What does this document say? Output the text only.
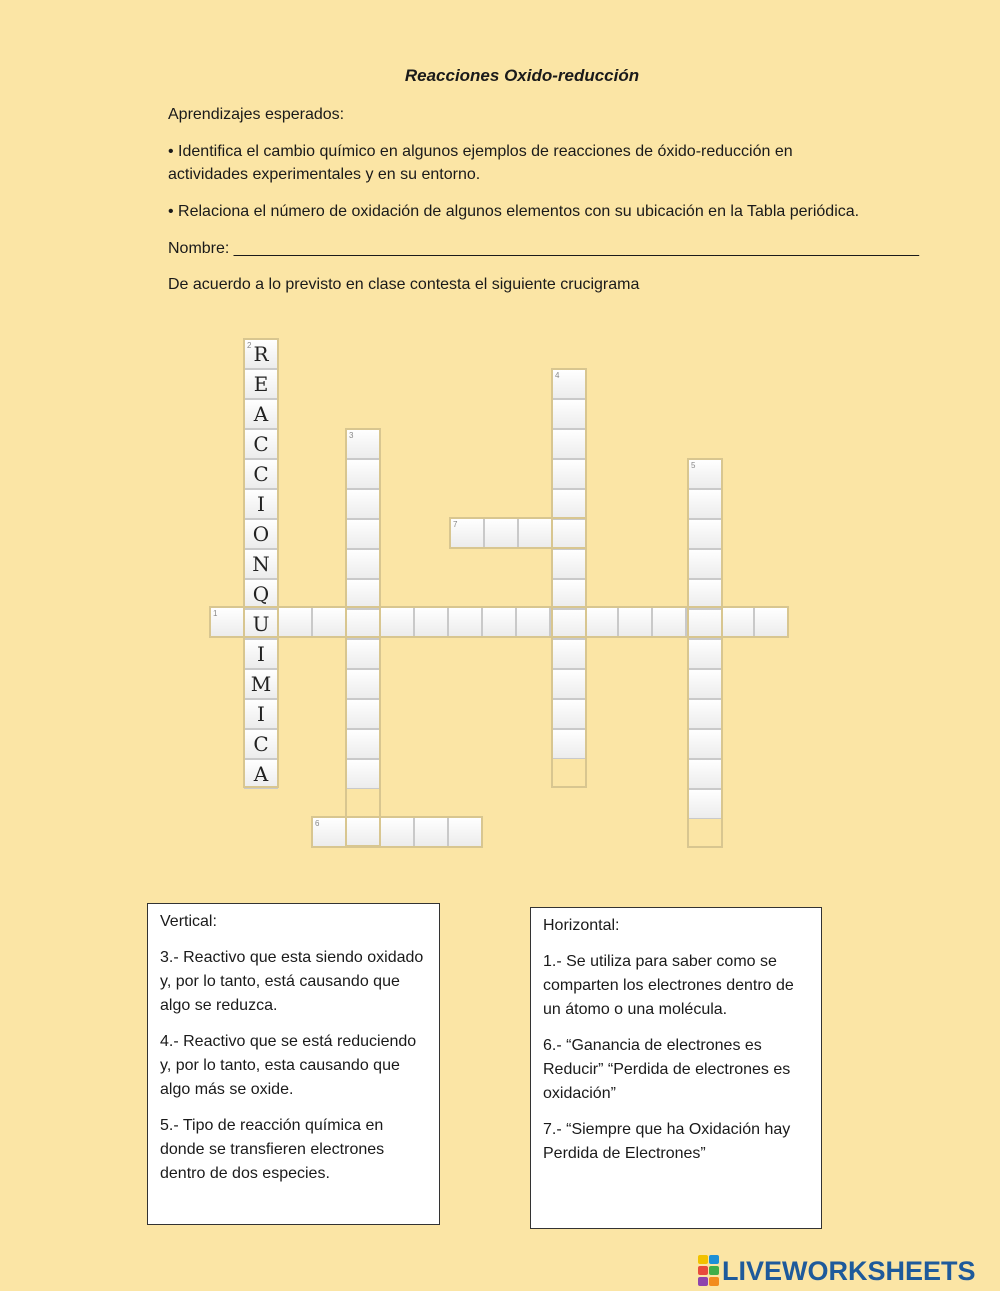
Reacciones Oxido-reducción
Aprendizajes esperados:
• Identifica el cambio químico en algunos ejemplos de reacciones de óxido-reducción en
actividades experimentales y en su entorno.
• Relaciona el número de oxidación de algunos elementos con su ubicación en la Tabla periódica.
Nombre: _____________________________________________________________________________
De acuerdo a lo previsto en clase contesta el siguiente crucigrama
R
E
A
C
C
I
O
N
Q
U
I
M
I
C
A
2
1
3
6
4
7
5

Vertical:

3.- Reactivo que esta siendo oxidado y, por lo tanto, está causando que algo se reduzca.

4.- Reactivo que se está reduciendo y, por lo tanto, esta causando que algo más se oxide.

5.- Tipo de reacción química en donde se transfieren electrones dentro de dos especies.

Horizontal:

1.- Se utiliza para saber como se comparten los electrones dentro de un átomo o una molécula.

6.- “Ganancia de electrones es Reducir” “Perdida de electrones es oxidación”

7.- “Siempre que ha Oxidación hay Perdida de Electrones”

LIVEWORKSHEETS
